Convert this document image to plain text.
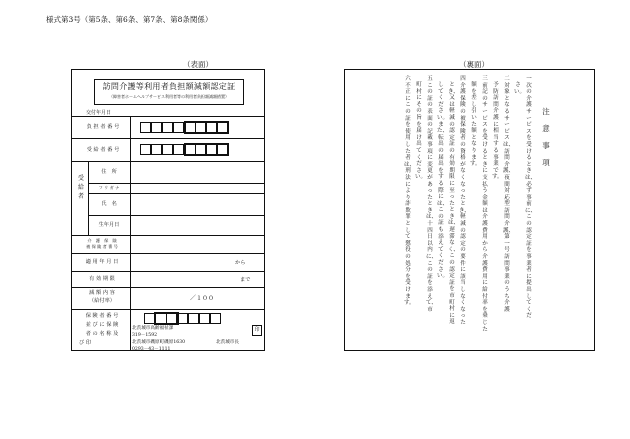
様式第3号（第5条、第6条、第7条、第8条関係）
（表面）	（裏面）
訪問介護等利用者負担額減額認定証
（障害者ホームヘルプサービス利用者等の利用者負担額減額措置）
交付年月日
負 担 者 番 号
受 給 者 番 号
受 給 者
住　所
フ リ ガ ナ
氏　名
生年月日
介　護　保　険
被 保 険 者 番 号
適 用 年 月 日
有 効 期 限
減 額 内 容
（給付率）
保 険 者 番 号
並 び に 保 険
者 の 名 称 及
び 印
から
まで
／１００
北茨城市高齢福祉課
319－1592
北茨城市磯原町磯原1630	北茨城市長
0293－43－1111
印
注意事項
一　次の介護サービスを受けるときは、必ず事前に、この認定証を事業者に提出してくだ
さい。
二　対象となるサービスは、訪問介護、夜間対応型訪問介護、第一号訪問事業のうち介護
予防訪問介護に相当する事業です。
三　前記のサービスを受けるときに支払う金額は介護費用から介護費用に給付率を乗じた
額を差し引いた額となります。
四　介護保険の被保険者の資格がなくなったとき、軽減の認定の要件に該当しなくなった
とき、又は軽減の認定証の有効期限に至ったときは、遅滞なく、この認定証を市町村に返
してください。また、転出の届出をする際には、この証も添えてください。
五　この証の表面の記載事項に変更があったときは、十四日以内に、この証を添えて、市
町村にその旨を届け出てください。
六　不正にこの証を使用した者は、刑法により詐欺罪として懲役の処分を受けます。
